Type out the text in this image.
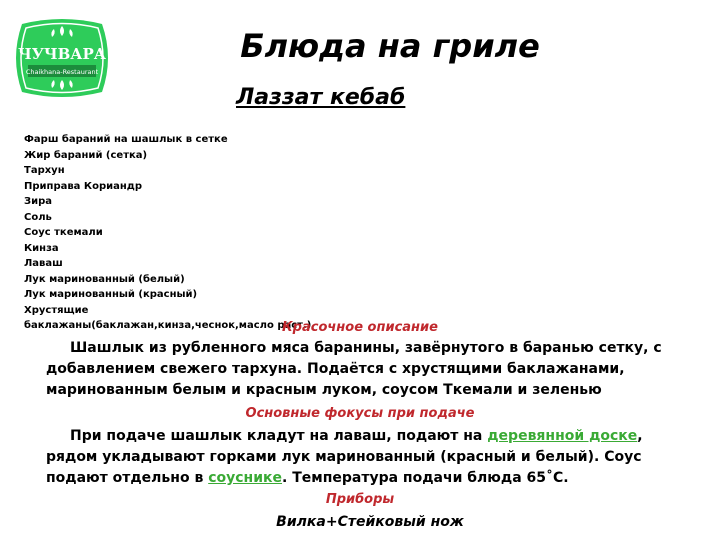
ЧУЧВАРА
Chaikhana-Restaurant
Блюда на гриле
Лаззат кебаб
Фарш бараний на шашлык в сетке
Жир бараний (сетка)
Тархун
Приправа Кориандр
Зира
Соль
Соус ткемали
Кинза
Лаваш
Лук маринованный (белый)
Лук маринованный (красный)
Хрустящие баклажаны(баклажан,кинза,чеснок,масло раст.)
Красочное описание
Шашлык из рубленного мяса баранины, завёрнутого в баранью сетку, с добавлением свежего тархуна. Подаётся с хрустящими баклажанами, маринованным белым и красным луком, соусом Ткемали и зеленью
Основные фокусы при подаче
При подаче шашлык кладут на лаваш, подают на деревянной доске, рядом укладывают горками лук маринованный (красный и белый). Соус подают отдельно в соуснике. Температура подачи блюда 65˚С.
Приборы
Вилка+Стейковый нож
